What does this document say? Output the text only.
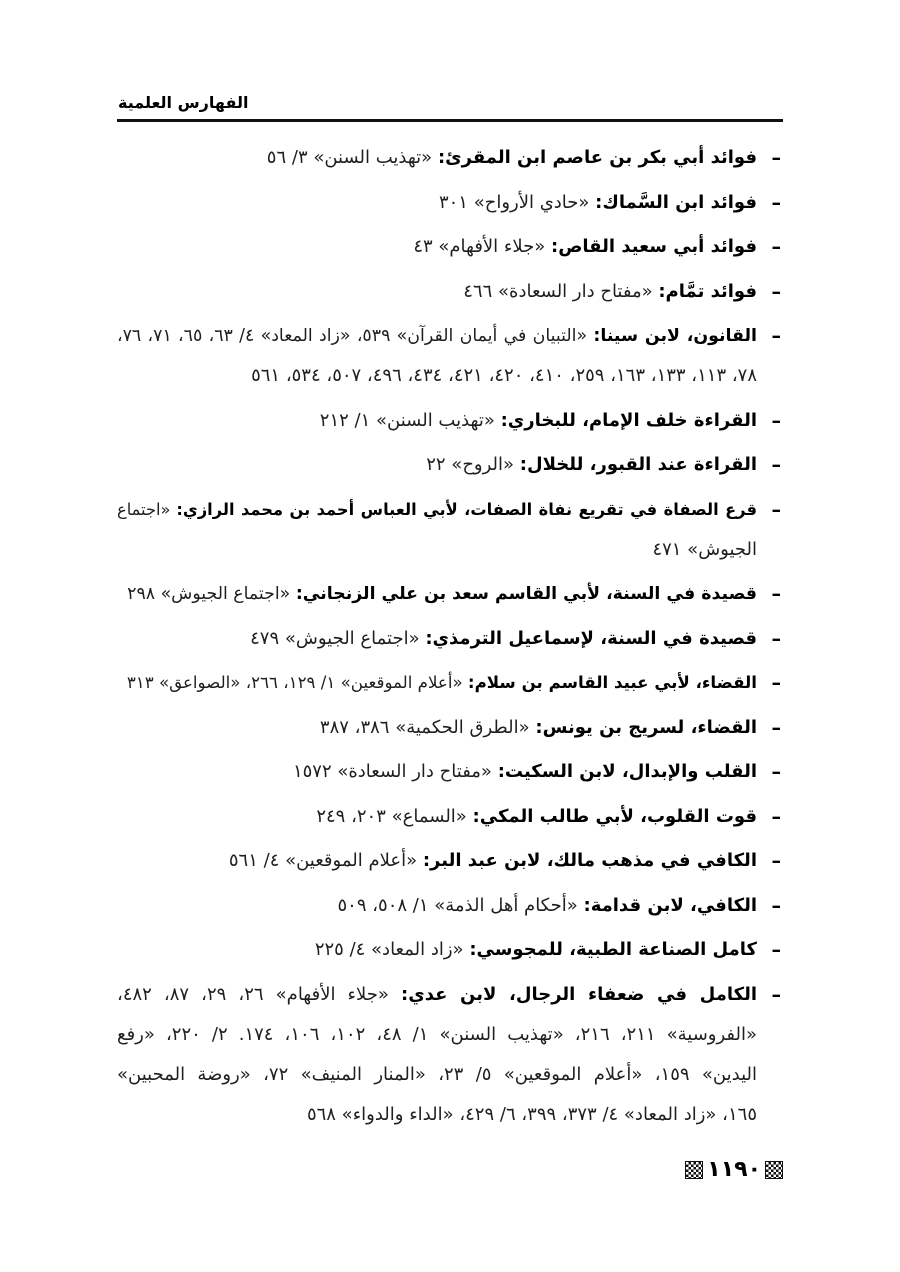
الفهارس العلمية
–
فوائد أبي بكر بن عاصم ابن المقرئ: «تهذيب السنن» ٣/ ٥٦
–
فوائد ابن السَّماك: «حادي الأرواح» ٣٠١
–
فوائد أبي سعيد القاص: «جلاء الأفهام» ٤٣
–
فوائد تمَّام: «مفتاح دار السعادة» ٤٦٦
–
القانون، لابن سينا: «التبيان في أيمان القرآن» ٥٣٩، «زاد المعاد» ٤/ ٦٣، ٦٥، ٧١، ٧٦،
٧٨، ١١٣، ١٣٣، ١٦٣، ٢٥٩، ٤١٠، ٤٢٠، ٤٢١، ٤٣٤، ٤٩٦، ٥٠٧، ٥٣٤، ٥٦١
–
القراءة خلف الإمام، للبخاري: «تهذيب السنن» ١/ ٢١٢
–
القراءة عند القبور، للخلال: «الروح» ٢٢
–
قرع الصفاة في تقريع نفاة الصفات، لأبي العباس أحمد بن محمد الرازي: «اجتماع
الجيوش» ٤٧١
–
قصيدة في السنة، لأبي القاسم سعد بن علي الزنجاني: «اجتماع الجيوش» ٢٩٨
–
قصيدة في السنة، لإسماعيل الترمذي: «اجتماع الجيوش» ٤٧٩
–
القضاء، لأبي عبيد القاسم بن سلام: «أعلام الموقعين» ١/ ١٢٩، ٢٦٦، «الصواعق» ٣١٣
–
القضاء، لسريج بن يونس: «الطرق الحكمية» ٣٨٦، ٣٨٧
–
القلب والإبدال، لابن السكيت: «مفتاح دار السعادة» ١٥٧٢
–
قوت القلوب، لأبي طالب المكي: «السماع» ٢٠٣، ٢٤٩
–
الكافي في مذهب مالك، لابن عبد البر: «أعلام الموقعين» ٤/ ٥٦١
–
الكافي، لابن قدامة: «أحكام أهل الذمة» ١/ ٥٠٨، ٥٠٩
–
كامل الصناعة الطبية، للمجوسي: «زاد المعاد» ٤/ ٢٢٥
–
الكامل في ضعفاء الرجال، لابن عدي: «جلاء الأفهام» ٢٦، ٢٩، ٨٧، ٤٨٢،
«الفروسية» ٢١١، ٢١٦، «تهذيب السنن» ١/ ٤٨، ١٠٢، ١٠٦، ١٧٤. ٢/ ٢٢٠، «رفع
اليدين» ١٥٩، «أعلام الموقعين» ٥/ ٢٣، «المنار المنيف» ٧٢، «روضة المحبين»
١٦٥، «زاد المعاد» ٤/ ٣٧٣، ٣٩٩، ٦/ ٤٢٩، «الداء والدواء» ٥٦٨
١١٩٠
